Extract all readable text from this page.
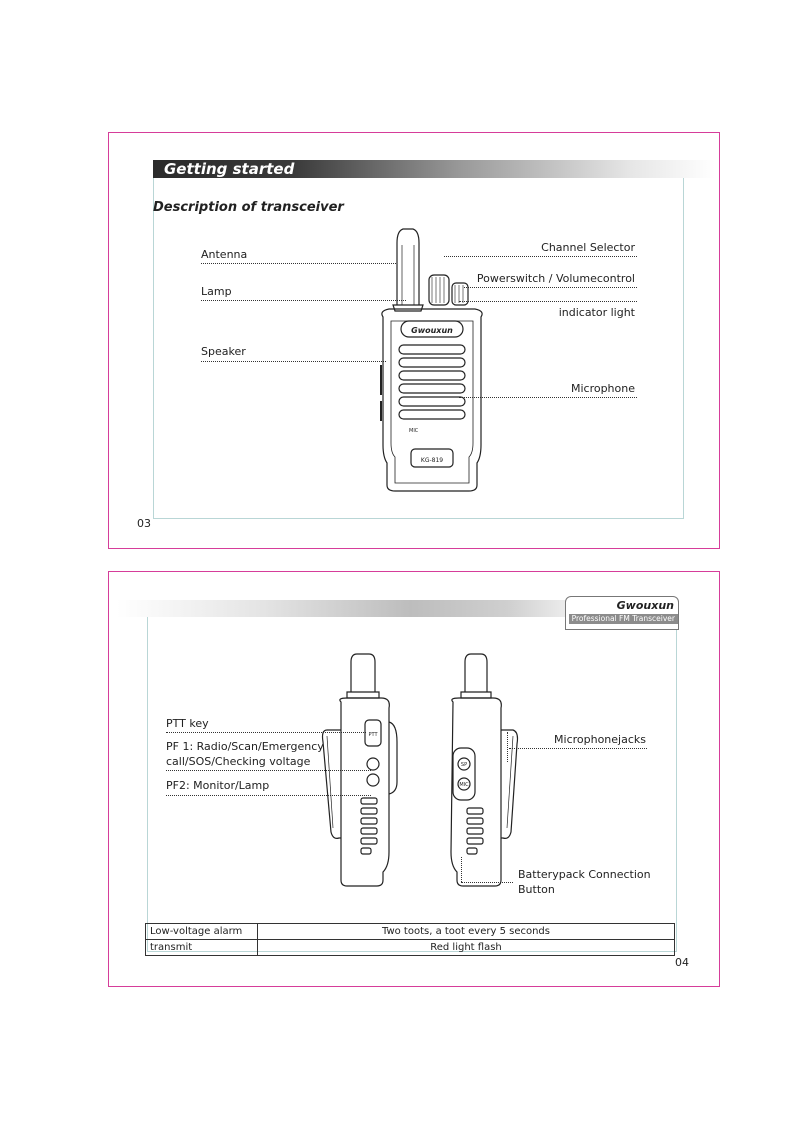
Getting started
Description of transceiver
Antenna
Lamp
Speaker
Channel Selector
Powerswitch / Volumecontrol
indicator light
Microphone
03
Gwouxun
MIC
KG-819
Gwouxun
Professional FM Transceiver
PTT key
PF 1: Radio/Scan/Emergency
call/SOS/Checking voltage
PF2: Monitor/Lamp
Microphonejacks
Batterypack Connection
Button
PTT
SP
MIC
Low-voltage alarm	Two toots, a toot every 5 seconds
transmit	Red light flash
04
